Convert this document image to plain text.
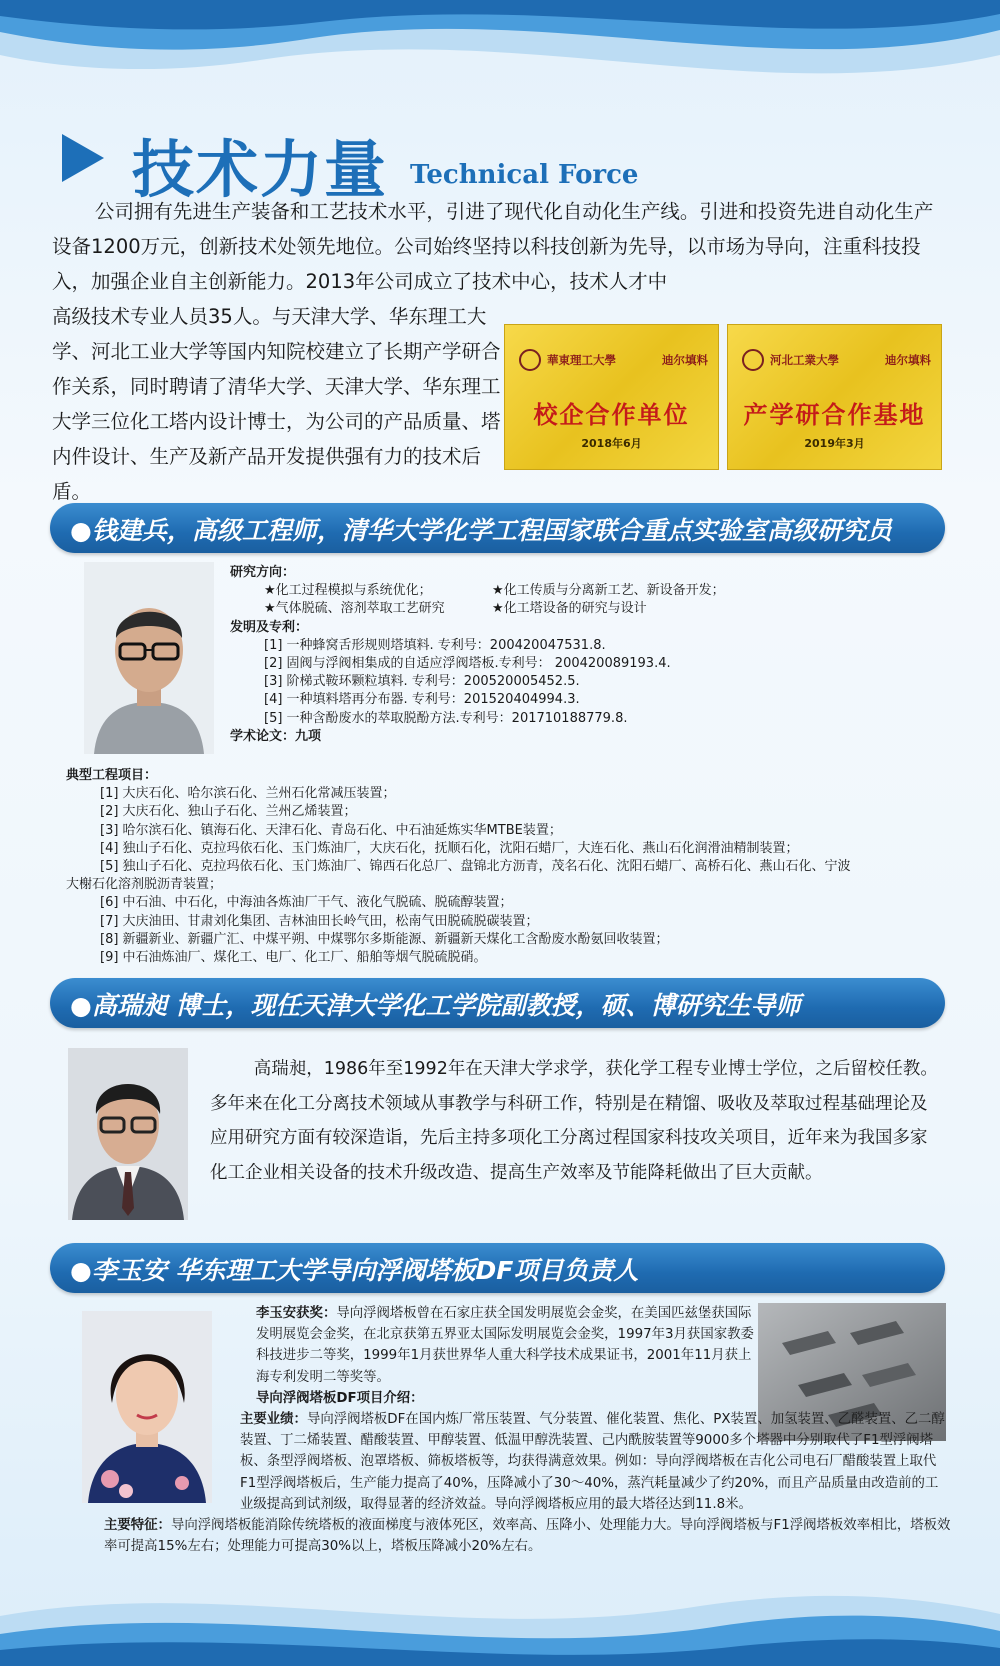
技术力量 Technical Force

公司拥有先进生产装备和工艺技术水平，引进了现代化自动化生产线。引进和投资先进自动化生产设备1200万元，创新技术处领先地位。公司始终坚持以科技创新为先导，以市场为导向，注重科技投入，加强企业自主创新能力。2013年公司成立了技术中心，技术人才中

高级技术专业人员35人。与天津大学、华东理工大学、河北工业大学等国内知院校建立了长期产学研合作关系，同时聘请了清华大学、天津大学、华东理工大学三位化工塔内设计博士，为公司的产品质量、塔内件设计、生产及新产品开发提供强有力的技术后盾。
華東理工大學	迪尔填料
校企合作单位
2018年6月
河北工業大學	迪尔填料
产学研合作基地
2019年3月
●钱建兵，高级工程师，清华大学化学工程国家联合重点实验室高级研究员
研究方向：
★化工过程模拟与系统优化；	★化工传质与分离新工艺、新设备开发；
★气体脱硫、溶剂萃取工艺研究	★化工塔设备的研究与设计
发明及专利：
[1] 一种蜂窝舌形规则塔填料. 专利号：200420047531.8.
[2] 固阀与浮阀相集成的自适应浮阀塔板.专利号： 200420089193.4.
[3] 阶梯式鞍环颗粒填料. 专利号：200520005452.5.
[4] 一种填料塔再分布器. 专利号：201520404994.3.
[5] 一种含酚废水的萃取脱酚方法.专利号：201710188779.8.
学术论文：九项
典型工程项目：
[1] 大庆石化、哈尔滨石化、兰州石化常减压装置；
[2] 大庆石化、独山子石化、兰州乙烯装置；
[3] 哈尔滨石化、镇海石化、天津石化、青岛石化、中石油延炼实华MTBE装置；
[4] 独山子石化、克拉玛依石化、玉门炼油厂，大庆石化，抚顺石化，沈阳石蜡厂，大连石化、燕山石化润滑油精制装置；
[5] 独山子石化、克拉玛依石化、玉门炼油厂、锦西石化总厂、盘锦北方沥青，茂名石化、沈阳石蜡厂、高桥石化、燕山石化、宁波
大榭石化溶剂脱沥青装置；
[6] 中石油、中石化，中海油各炼油厂干气、液化气脱硫、脱硫醇装置；
[7] 大庆油田、甘肃刘化集团、吉林油田长岭气田，松南气田脱硫脱碳装置；
[8] 新疆新业、新疆广汇、中煤平朔、中煤鄂尔多斯能源、新疆新天煤化工含酚废水酚氨回收装置；
[9] 中石油炼油厂、煤化工、电厂、化工厂、船舶等烟气脱硫脱硝。
●高瑞昶 博士，现任天津大学化工学院副教授，硕、博研究生导师
高瑞昶，1986年至1992年在天津大学求学，获化学工程专业博士学位，之后留校任教。多年来在化工分离技术领域从事教学与科研工作，特别是在精馏、吸收及萃取过程基础理论及应用研究方面有较深造诣，先后主持多项化工分离过程国家科技攻关项目，近年来为我国多家化工企业相关设备的技术升级改造、提高生产效率及节能降耗做出了巨大贡献。
●李玉安 华东理工大学导向浮阀塔板DF项目负责人
李玉安获奖：导向浮阀塔板曾在石家庄获全国发明展览会金奖，在美国匹兹堡获国际发明展览会金奖，在北京获第五界亚太国际发明展览会金奖，1997年3月获国家教委科技进步二等奖，1999年1月获世界华人重大科学技术成果证书，2001年11月获上海专利发明二等奖等。
导向浮阀塔板DF项目介绍：
主要业绩：导向浮阀塔板DF在国内炼厂常压装置、气分装置、催化装置、焦化、PX装置、加氢装置、乙醛装置、乙二醇装置、丁二烯装置、醋酸装置、甲醇装置、低温甲醇洗装置、己内酰胺装置等9000多个塔器中分别取代了F1型浮阀塔板、条型浮阀塔板、泡罩塔板、筛板塔板等，均获得满意效果。例如：导向浮阀塔板在吉化公司电石厂醋酸装置上取代F1型浮阀塔板后，生产能力提高了40%，压降减小了30～40%，蒸汽耗量减少了约20%，而且产品质量由改造前的工业级提高到试剂级，取得显著的经济效益。导向浮阀塔板应用的最大塔径达到11.8米。
主要特征：导向浮阀塔板能消除传统塔板的液面梯度与液体死区，效率高、压降小、处理能力大。导向浮阀塔板与F1浮阀塔板效率相比，塔板效率可提高15%左右；处理能力可提高30%以上，塔板压降减小20%左右。
